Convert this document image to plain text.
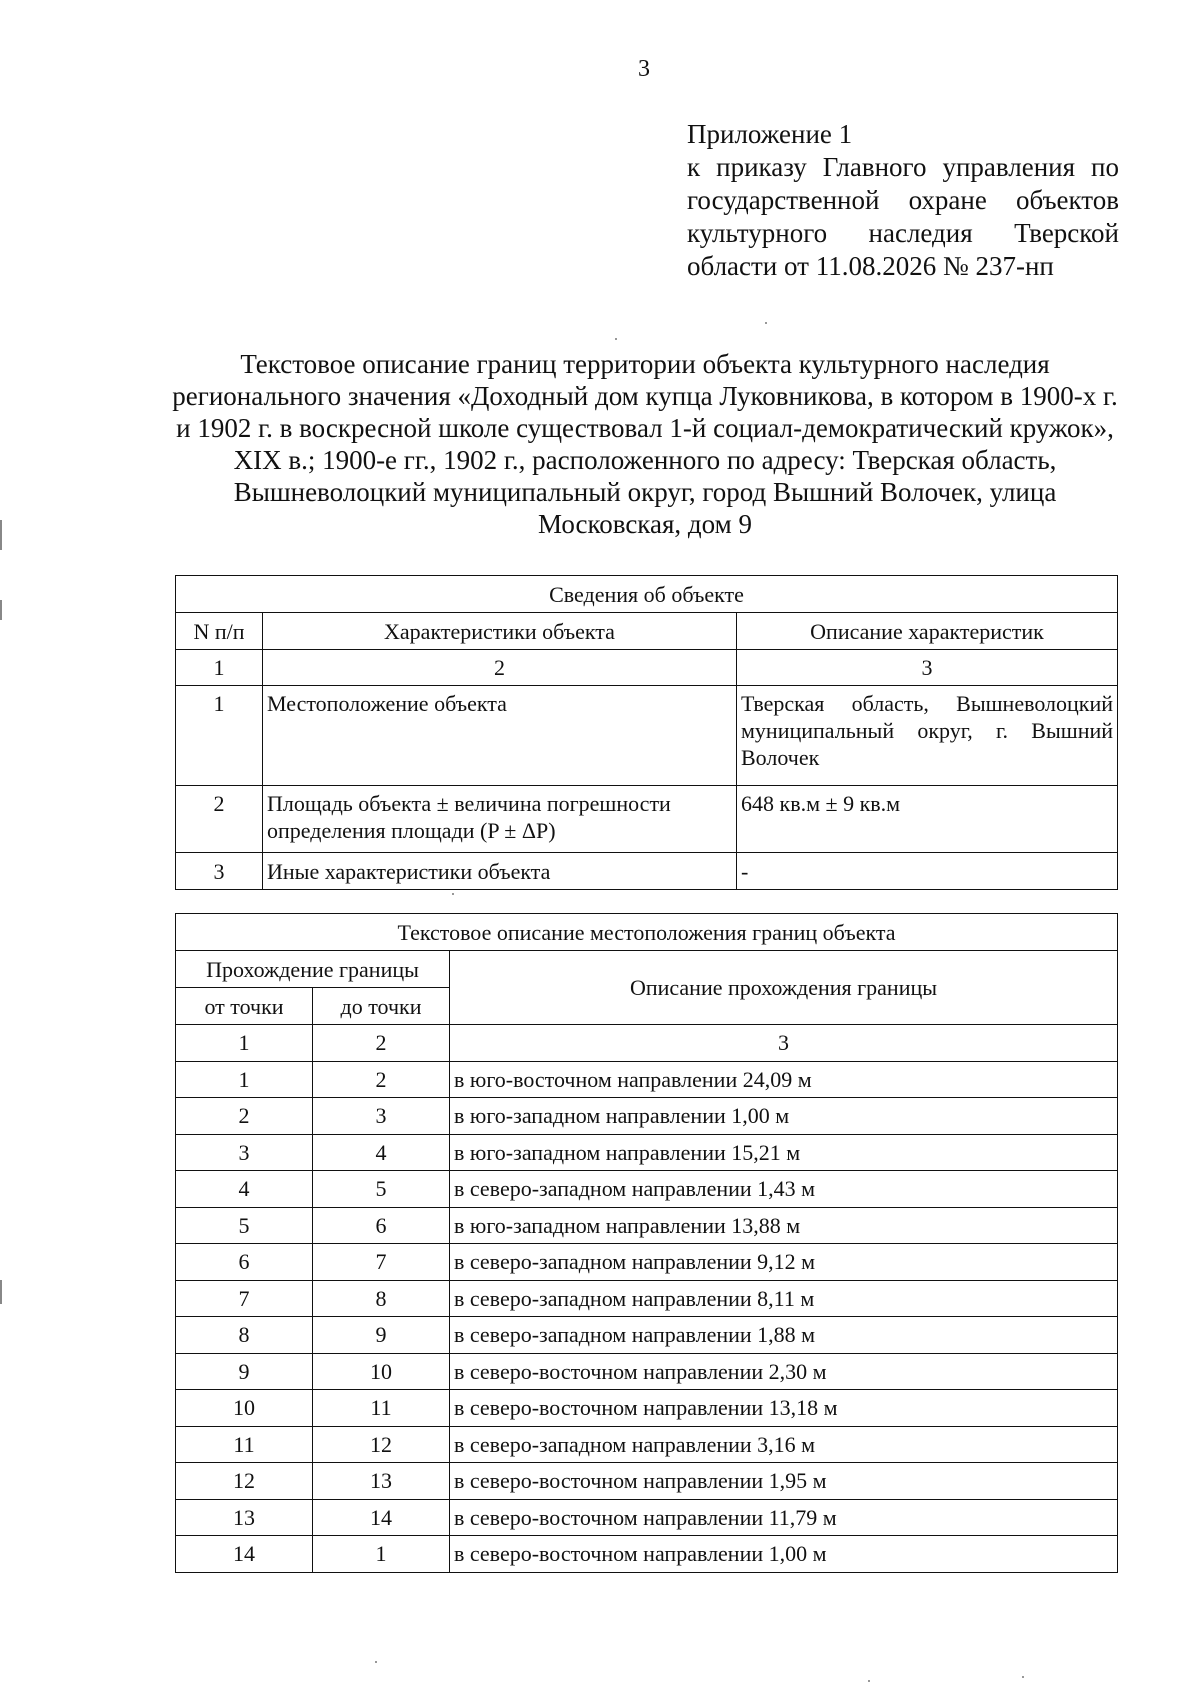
3
Приложение 1
к приказу Главного управления по государственной охране объектов культурного наследия Тверской области от 11.08.2026 № 237-нп
Текстовое описание границ территории объекта культурного наследия регионального значения «Доходный дом купца Луковникова, в котором в 1900-х г. и 1902 г. в воскресной школе существовал 1-й социал-демократический кружок», XIX в.; 1900-е гг., 1902 г., расположенного по адресу: Тверская область, Вышневолоцкий муниципальный округ, город Вышний Волочек, улица Московская, дом 9
Сведения об объекте		
N п/п	Характеристики объекта	Описание характеристик
1	2	3
1	Местоположение объекта	Тверская область, Вышневолоцкий муниципальный округ, г. Вышний Волочек
2	Площадь объекта ± величина погрешности определения площади (P ± ΔP)	648 кв.м ± 9 кв.м
3	Иные характеристики объекта	-
Текстовое описание местоположения границ объекта		
Прохождение границы		Описание прохождения границы
от точки	до точки	
1	2	3
1	2	в юго-восточном направлении 24,09 м
2	3	в юго-западном направлении 1,00 м
3	4	в юго-западном направлении 15,21 м
4	5	в северо-западном направлении 1,43 м
5	6	в юго-западном направлении 13,88 м
6	7	в северо-западном направлении 9,12 м
7	8	в северо-западном направлении 8,11 м
8	9	в северо-западном направлении 1,88 м
9	10	в северо-восточном направлении 2,30 м
10	11	в северо-восточном направлении 13,18 м
11	12	в северо-западном направлении 3,16 м
12	13	в северо-восточном направлении 1,95 м
13	14	в северо-восточном направлении 11,79 м
14	1	в северо-восточном направлении 1,00 м
